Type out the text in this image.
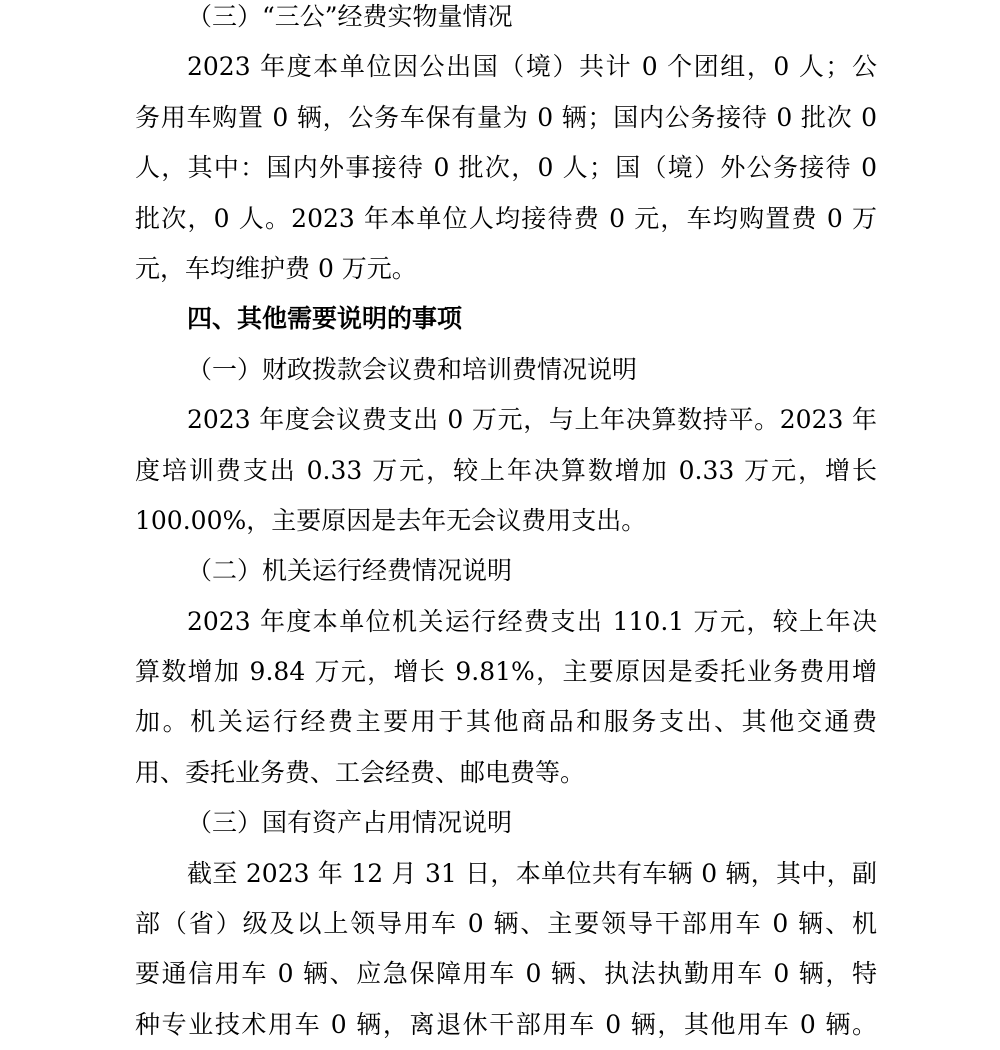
（三）“三公”经费实物量情况
2023 年度本单位因公出国（境）共计 0 个团组，0 人；公
务用车购置 0 辆，公务车保有量为 0 辆；国内公务接待 0 批次 0
人，其中：国内外事接待 0 批次，0 人；国（境）外公务接待 0
批次，0 人。2023 年本单位人均接待费 0 元，车均购置费 0 万
元，车均维护费 0 万元。
四、其他需要说明的事项
（一）财政拨款会议费和培训费情况说明
2023 年度会议费支出 0 万元，与上年决算数持平。2023 年
度培训费支出 0.33 万元，较上年决算数增加 0.33 万元，增长
100.00%，主要原因是去年无会议费用支出。
（二）机关运行经费情况说明
2023 年度本单位机关运行经费支出 110.1 万元，较上年决
算数增加 9.84 万元，增长 9.81%，主要原因是委托业务费用增
加。机关运行经费主要用于其他商品和服务支出、其他交通费
用、委托业务费、工会经费、邮电费等。
（三）国有资产占用情况说明
截至 2023 年 12 月 31 日，本单位共有车辆 0 辆，其中，副
部（省）级及以上领导用车 0 辆、主要领导干部用车 0 辆、机
要通信用车 0 辆、应急保障用车 0 辆、执法执勤用车 0 辆，特
种专业技术用车 0 辆，离退休干部用车 0 辆，其他用车 0 辆。
